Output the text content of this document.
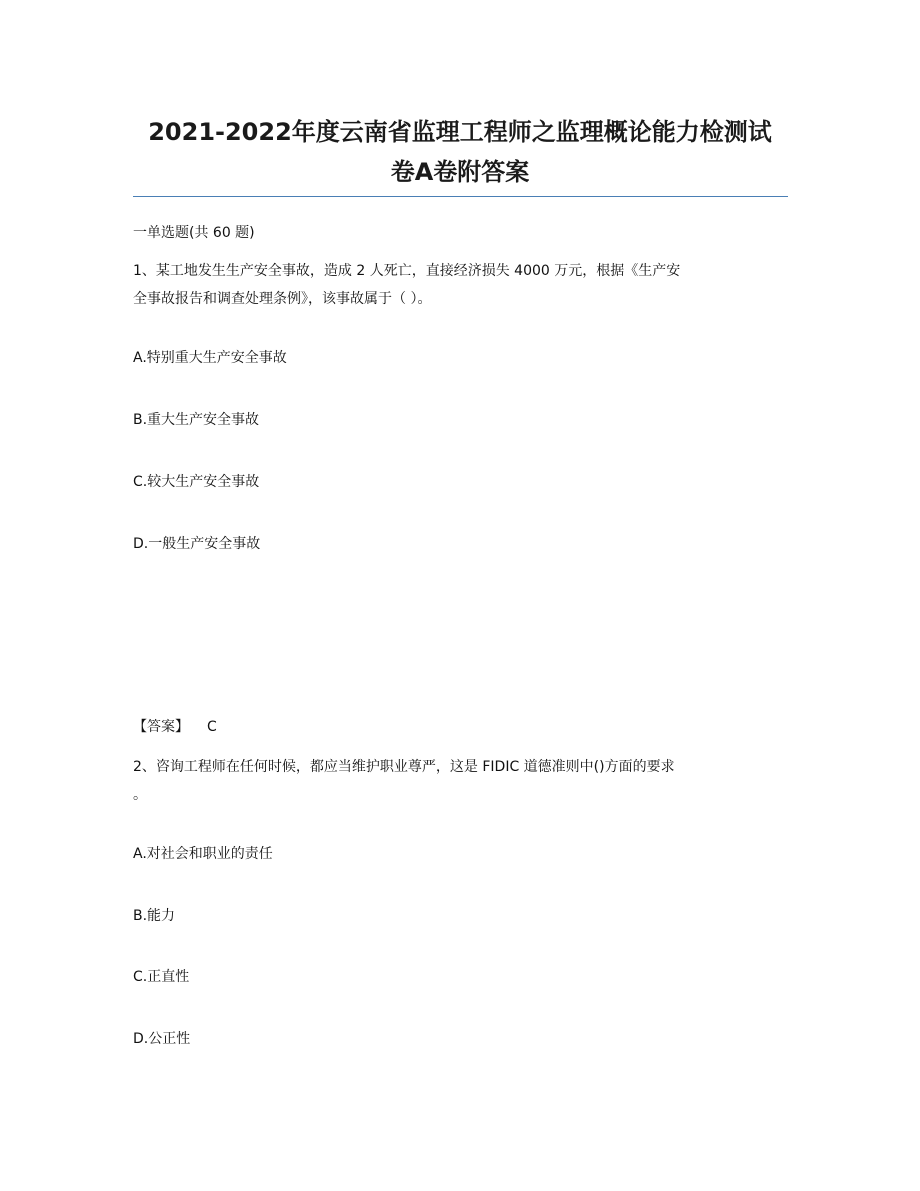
2021-2022年度云南省监理工程师之监理概论能力检测试
卷A卷附答案
一单选题(共 60 题)
1、某工地发生生产安全事故，造成 2 人死亡，直接经济损失 4000 万元，根据《生产安
全事故报告和调查处理条例》，该事故属于（ ）。
A.特别重大生产安全事故
B.重大生产安全事故
C.较大生产安全事故
D.一般生产安全事故
【答案】 C
2、咨询工程师在任何时候，都应当维护职业尊严，这是 FIDIC 道德准则中()方面的要求
。
A.对社会和职业的责任
B.能力
C.正直性
D.公正性
